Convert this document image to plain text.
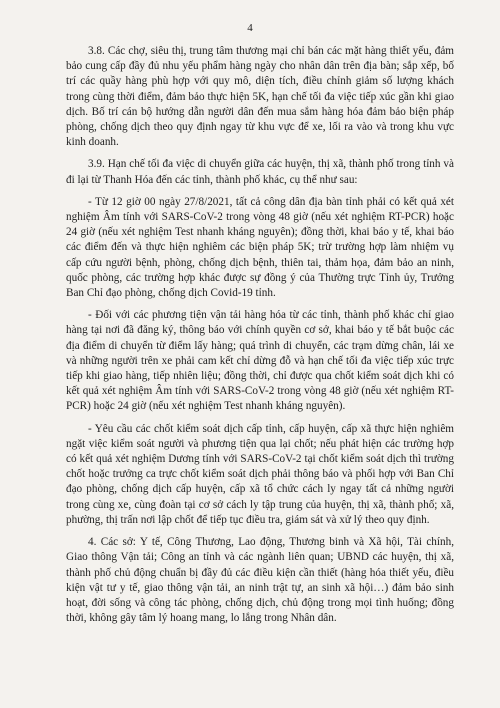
4

3.8. Các chợ, siêu thị, trung tâm thương mại chỉ bán các mặt hàng thiết yếu, đảm bảo cung cấp đầy đủ nhu yếu phẩm hàng ngày cho nhân dân trên địa bàn; sắp xếp, bố trí các quầy hàng phù hợp với quy mô, diện tích, điều chỉnh giảm số lượng khách trong cùng thời điểm, đảm bảo thực hiện 5K, hạn chế tối đa việc tiếp xúc gần khi giao dịch. Bố trí cán bộ hướng dẫn người dân đến mua sắm hàng hóa đảm bảo biện pháp phòng, chống dịch theo quy định ngay từ khu vực để xe, lối ra vào và trong khu vực kinh doanh.

3.9. Hạn chế tối đa việc di chuyển giữa các huyện, thị xã, thành phố trong tỉnh và đi lại từ Thanh Hóa đến các tỉnh, thành phố khác, cụ thể như sau:

- Từ 12 giờ 00 ngày 27/8/2021, tất cả công dân địa bàn tỉnh phải có kết quả xét nghiệm Âm tính với SARS-CoV-2 trong vòng 48 giờ (nếu xét nghiệm RT-PCR) hoặc 24 giờ (nếu xét nghiệm Test nhanh kháng nguyên); đồng thời, khai báo y tế, khai báo các điểm đến và thực hiện nghiêm các biện pháp 5K; trừ trường hợp làm nhiệm vụ cấp cứu người bệnh, phòng, chống dịch bệnh, thiên tai, thảm họa, đảm bảo an ninh, quốc phòng, các trường hợp khác được sự đồng ý của Thường trực Tỉnh ủy, Trưởng Ban Chỉ đạo phòng, chống dịch Covid-19 tỉnh.

- Đối với các phương tiện vận tải hàng hóa từ các tỉnh, thành phố khác chỉ giao hàng tại nơi đã đăng ký, thông báo với chính quyền cơ sở, khai báo y tế bắt buộc các địa điểm di chuyển từ điểm lấy hàng; quá trình di chuyển, các trạm dừng chân, lái xe và những người trên xe phải cam kết chỉ dừng đỗ và hạn chế tối đa việc tiếp xúc trực tiếp khi giao hàng, tiếp nhiên liệu; đồng thời, chỉ được qua chốt kiểm soát dịch khi có kết quả xét nghiệm Âm tính với SARS-CoV-2 trong vòng 48 giờ (nếu xét nghiệm RT-PCR) hoặc 24 giờ (nếu xét nghiệm Test nhanh kháng nguyên).

- Yêu cầu các chốt kiểm soát dịch cấp tỉnh, cấp huyện, cấp xã thực hiện nghiêm ngặt việc kiểm soát người và phương tiện qua lại chốt; nếu phát hiện các trường hợp có kết quả xét nghiệm Dương tính với SARS-CoV-2 tại chốt kiểm soát dịch thì trường chốt hoặc trưởng ca trực chốt kiểm soát dịch phải thông báo và phối hợp với Ban Chỉ đạo phòng, chống dịch cấp huyện, cấp xã tổ chức cách ly ngay tất cả những người trong cùng xe, cùng đoàn tại cơ sở cách ly tập trung của huyện, thị xã, thành phố; xã, phường, thị trấn nơi lập chốt để tiếp tục điều tra, giám sát và xử lý theo quy định.

4. Các sở: Y tế, Công Thương, Lao động, Thương binh và Xã hội, Tài chính, Giao thông Vận tải; Công an tỉnh và các ngành liên quan; UBND các huyện, thị xã, thành phố chủ động chuẩn bị đầy đủ các điều kiện cần thiết (hàng hóa thiết yếu, điều kiện vật tư y tế, giao thông vận tải, an ninh trật tự, an sinh xã hội…) đảm bảo sinh hoạt, đời sống và công tác phòng, chống dịch, chủ động trong mọi tình huống; đồng thời, không gây tâm lý hoang mang, lo lắng trong Nhân dân.
